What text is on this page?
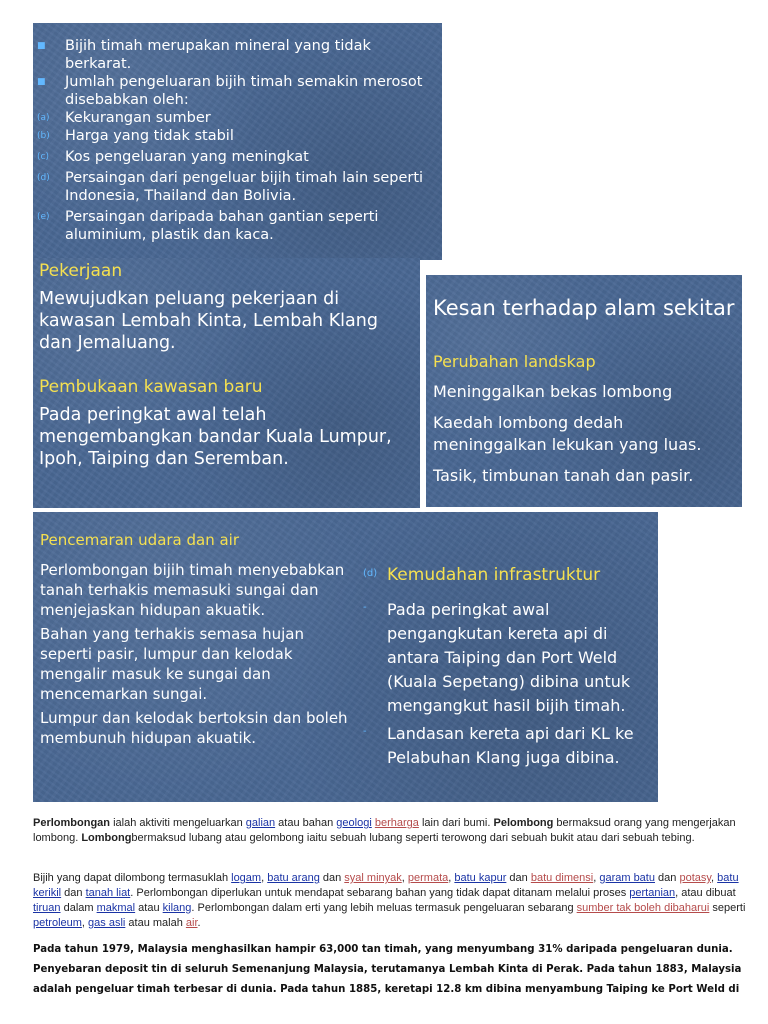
■	Bijih timah merupakan mineral yang tidak berkarat.
■	Jumlah pengeluaran bijih timah semakin merosot disebabkan oleh:
(a)	Kekurangan sumber
(b)	Harga yang tidak stabil
(c)	Kos pengeluaran yang meningkat
(d)	Persaingan dari pengeluar bijih timah lain seperti Indonesia, Thailand dan Bolivia.
(e)	Persaingan daripada bahan gantian seperti aluminium, plastik dan kaca.
Pekerjaan
Mewujudkan peluang pekerjaan di kawasan Lembah Kinta, Lembah Klang dan Jemaluang.
Pembukaan kawasan baru
Pada peringkat awal telah mengembangkan bandar Kuala Lumpur, Ipoh, Taiping dan Seremban.
Kesan terhadap alam sekitar
Perubahan landskap
Meninggalkan bekas lombong
Kaedah lombong dedah meninggalkan lekukan yang luas.
Tasik, timbunan tanah dan pasir.
Pencemaran udara dan air
Perlombongan bijih timah menyebabkan tanah terhakis memasuki sungai dan menjejaskan hidupan akuatik.
Bahan yang terhakis semasa hujan seperti pasir, lumpur dan kelodak mengalir masuk ke sungai dan mencemarkan sungai.
Lumpur dan kelodak bertoksin dan boleh membunuh hidupan akuatik.
(d) Kemudahan infrastruktur
-	Pada peringkat awal pengangkutan kereta api di antara Taiping dan Port Weld (Kuala Sepetang) dibina untuk mengangkut hasil bijih timah.
-	Landasan kereta api dari KL ke Pelabuhan Klang juga dibina.
Perlombongan ialah aktiviti mengeluarkan galian atau bahan geologi berharga lain dari bumi. Pelombong bermaksud orang yang mengerjakan lombong. Lombongbermaksud lubang atau gelombong iaitu sebuah lubang seperti terowong dari sebuah bukit atau dari sebuah tebing.
Bijih yang dapat dilombong termasuklah logam, batu arang dan syal minyak, permata, batu kapur dan batu dimensi, garam batu dan potasy, batu kerikil dan tanah liat. Perlombongan diperlukan untuk mendapat sebarang bahan yang tidak dapat ditanam melalui proses pertanian, atau dibuat tiruan dalam makmal atau kilang. Perlombongan dalam erti yang lebih meluas termasuk pengeluaran sebarang sumber tak boleh dibaharui seperti petroleum, gas asli atau malah air.
Pada tahun 1979, Malaysia menghasilkan hampir 63,000 tan timah, yang menyumbang 31% daripada pengeluaran dunia. Penyebaran deposit tin di seluruh Semenanjung Malaysia, terutamanya Lembah Kinta di Perak. Pada tahun 1883, Malaysia adalah pengeluar timah terbesar di dunia. Pada tahun 1885, keretapi 12.8 km dibina menyambung Taiping ke Port Weld di
